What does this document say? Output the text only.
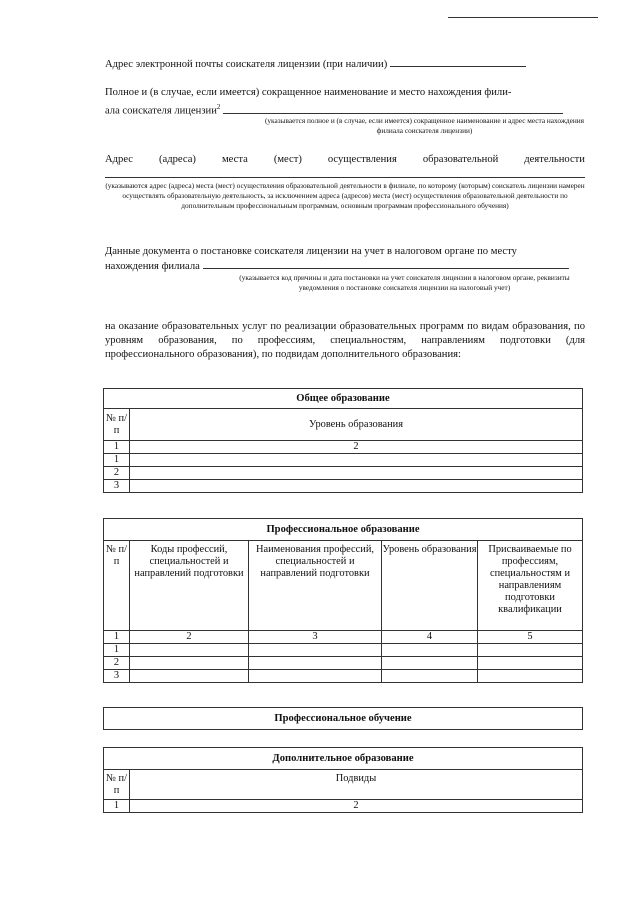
Адрес электронной почты соискателя лицензии (при наличии)
Полное и (в случае, если имеется) сокращенное наименование и место нахождения фили-
ала соискателя лицензии$^2$
(указывается полное и (в случае, если имеется) сокращенное наименование и адрес места нахождения филиала соискателя лицензии)
Адрес (адреса) места (мест) осуществления образовательной деятельности
(указываются адрес (адреса) места (мест) осуществления образовательной деятельности в филиале, по которому (которым) соискатель лицензии намерен осуществлять образовательную деятельность, за исключением адреса (адресов) места (мест) осуществления образовательной деятельности по дополнительным профессиональным программам, основным программам профессионального обучения)
Данные документа о постановке соискателя лицензии на учет в налоговом органе по месту
нахождения филиала
(указывается код причины и дата постановки на учет соискателя лицензии в налоговом органе, реквизиты уведомления о постановке соискателя лицензии на налоговый учет)
на оказание образовательных услуг по реализации образовательных программ по видам образования, по уровням образования, по профессиям, специальностям, направлениям подготовки (для профессионального образования), по подвидам дополнительного образования:
Общее образование	
№ п/п	Уровень образования
1	2
1	
2	
3	
Профессиональное образование				
№ п/п	Коды профессий, специальностей и направлений подготовки	Наименования профессий, специальностей и направлений подготовки	Уровень образования	Присваиваемые по профессиям, специальностям и направлениям подготовки квалификации
1	2	3	4	5
1				
2				
3				
Профессиональное обучение
Дополнительное образование	
№ п/п	Подвиды
1	2
